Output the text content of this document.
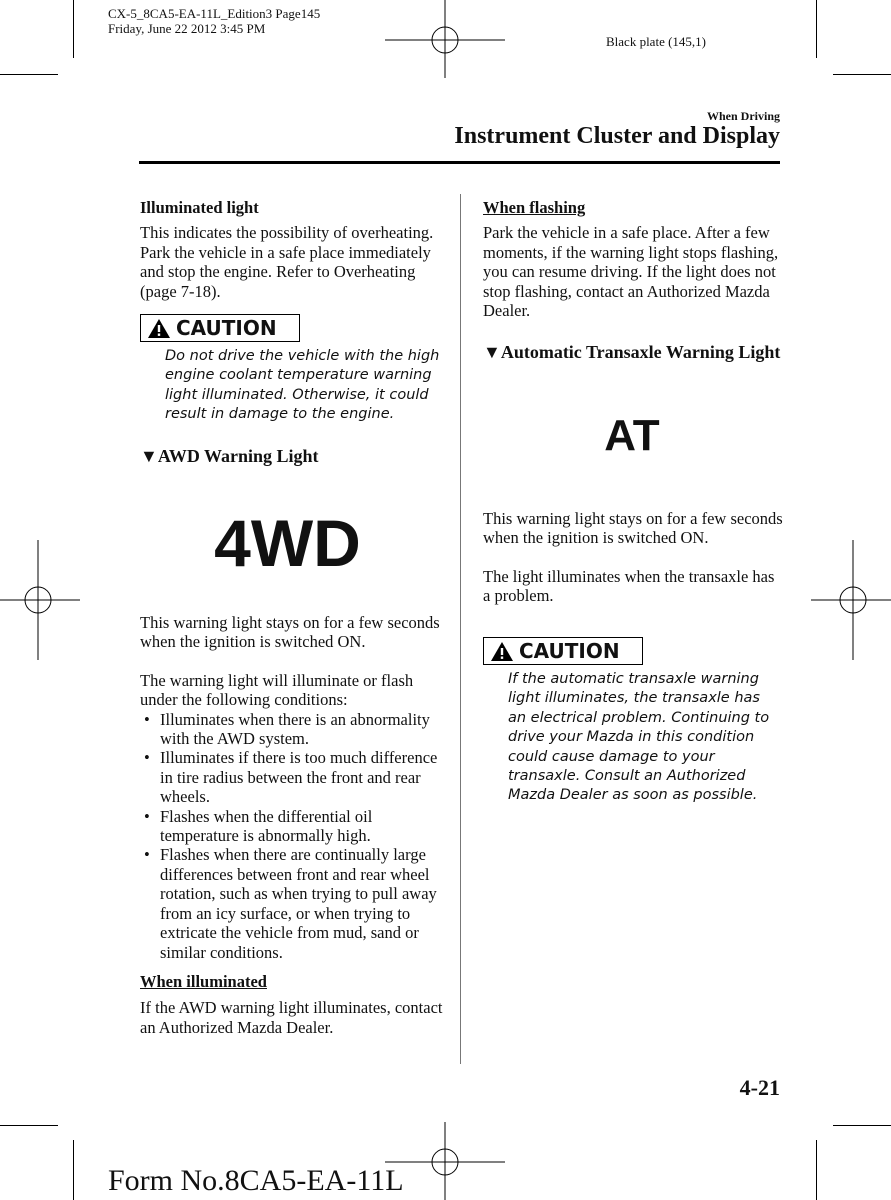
CX-5_8CA5-EA-11L_Edition3 Page145
Friday, June 22 2012 3:45 PM
Black plate (145,1)
When Driving
Instrument Cluster and Display

Illuminated light

This indicates the possibility of overheating. Park the vehicle in a safe place immediately and stop the engine. Refer to Overheating (page 7-18).

CAUTION
Do not drive the vehicle with the high engine coolant temperature warning light illuminated. Otherwise, it could result in damage to the engine.
▼AWD Warning Light
4WD

This warning light stays on for a few seconds when the ignition is switched ON.

The warning light will illuminate or flash under the following conditions:

• Illuminates when there is an abnormality with the AWD system.
• Illuminates if there is too much difference in tire radius between the front and rear wheels.
• Flashes when the differential oil temperature is abnormally high.
• Flashes when there are continually large differences between front and rear wheel rotation, such as when trying to pull away from an icy surface, or when trying to extricate the vehicle from mud, sand or similar conditions.

When illuminated

If the AWD warning light illuminates, contact an Authorized Mazda Dealer.

When flashing

Park the vehicle in a safe place. After a few moments, if the warning light stops flashing, you can resume driving. If the light does not stop flashing, contact an Authorized Mazda Dealer.

▼Automatic Transaxle Warning Light
AT

This warning light stays on for a few seconds when the ignition is switched ON.

The light illuminates when the transaxle has a problem.

CAUTION
If the automatic transaxle warning light illuminates, the transaxle has an electrical problem. Continuing to drive your Mazda in this condition could cause damage to your transaxle. Consult an Authorized Mazda Dealer as soon as possible.
4-21
Form No.8CA5-EA-11L
